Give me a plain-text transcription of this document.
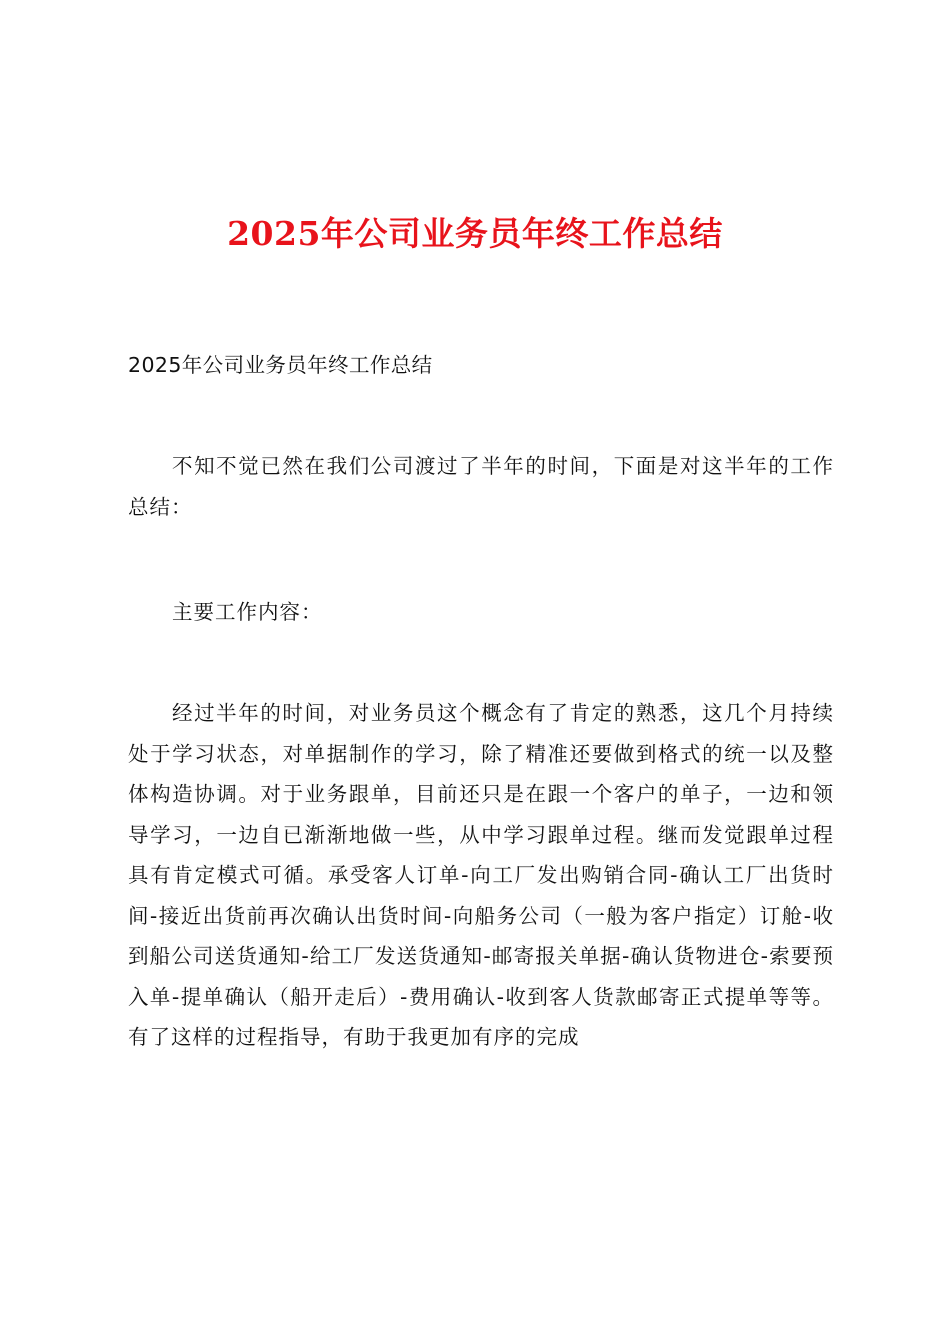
2025年公司业务员年终工作总结

2025年公司业务员年终工作总结

不知不觉已然在我们公司渡过了半年的时间，下面是对这半年的工作总结：

主要工作内容：

经过半年的时间，对业务员这个概念有了肯定的熟悉，这几个月持续处于学习状态，对单据制作的学习，除了精准还要做到格式的统一以及整体构造协调。对于业务跟单，目前还只是在跟一个客户的单子，一边和领导学习，一边自已渐渐地做一些，从中学习跟单过程。继而发觉跟单过程具有肯定模式可循。承受客人订单-向工厂发出购销合同-确认工厂出货时间-接近出货前再次确认出货时间-向船务公司（一般为客户指定）订舱-收到船公司送货通知-给工厂发送货通知-邮寄报关单据-确认货物进仓-索要预入单-提单确认（船开走后）-费用确认-收到客人货款邮寄正式提单等等。有了这样的过程指导，有助于我更加有序的完成
